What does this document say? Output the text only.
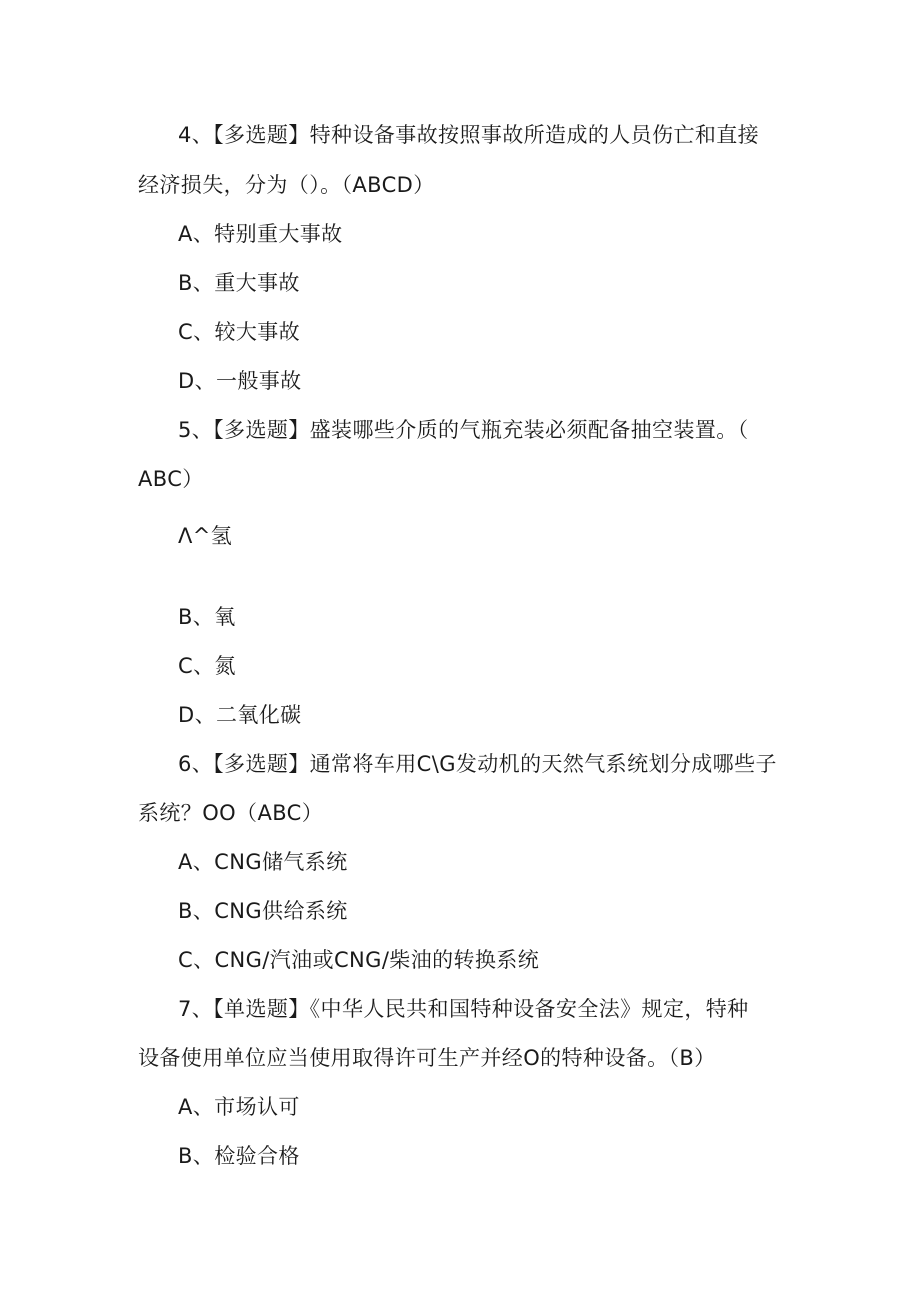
4、【多选题】特种设备事故按照事故所造成的人员伤亡和直接
经济损失，分为（）。（ABCD）
A、特别重大事故
B、重大事故
C、较大事故
D、一般事故
5、【多选题】盛装哪些介质的气瓶充装必须配备抽空装置。（
ABC）
Λ^氢
B、氧
C、氮
D、二氧化碳
6、【多选题】通常将车用C\G发动机的天然气系统划分成哪些子
系统？OO（ABC）
A、CNG储气系统
B、CNG供给系统
C、CNG/汽油或CNG/柴油的转换系统
7、【单选题】《中华人民共和国特种设备安全法》规定，特种
设备使用单位应当使用取得许可生产并经O的特种设备。（B）
A、市场认可
B、检验合格
